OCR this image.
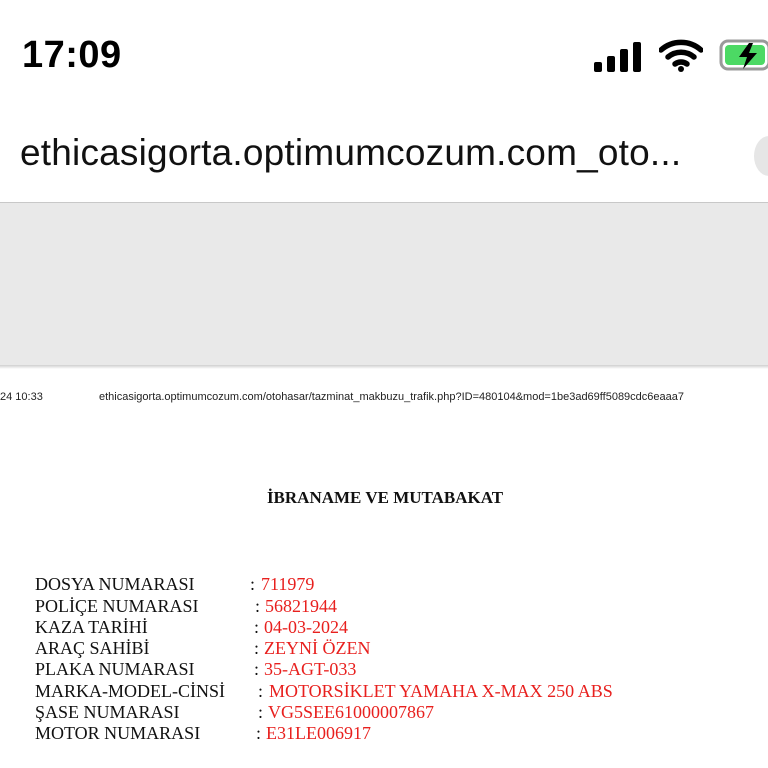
17:09
ethicasigorta.optimumcozum.com_oto...
24 10:33	ethicasigorta.optimumcozum.com/otohasar/tazminat_makbuzu_trafik.php?ID=480104&mod=1be3ad69ff5089cdc6eaaa7
İBRANAME VE MUTABAKAT
DOSYA NUMARASI	: 711979
POLİÇE NUMARASI	: 56821944
KAZA TARİHİ	: 04-03-2024
ARAÇ SAHİBİ	: ZEYNİ ÖZEN
PLAKA NUMARASI	: 35-AGT-033
MARKA-MODEL-CİNSİ : MOTORSİKLET YAMAHA X-MAX 250 ABS
ŞASE NUMARASI	: VG5SEE61000007867
MOTOR NUMARASI	: E31LE006917
